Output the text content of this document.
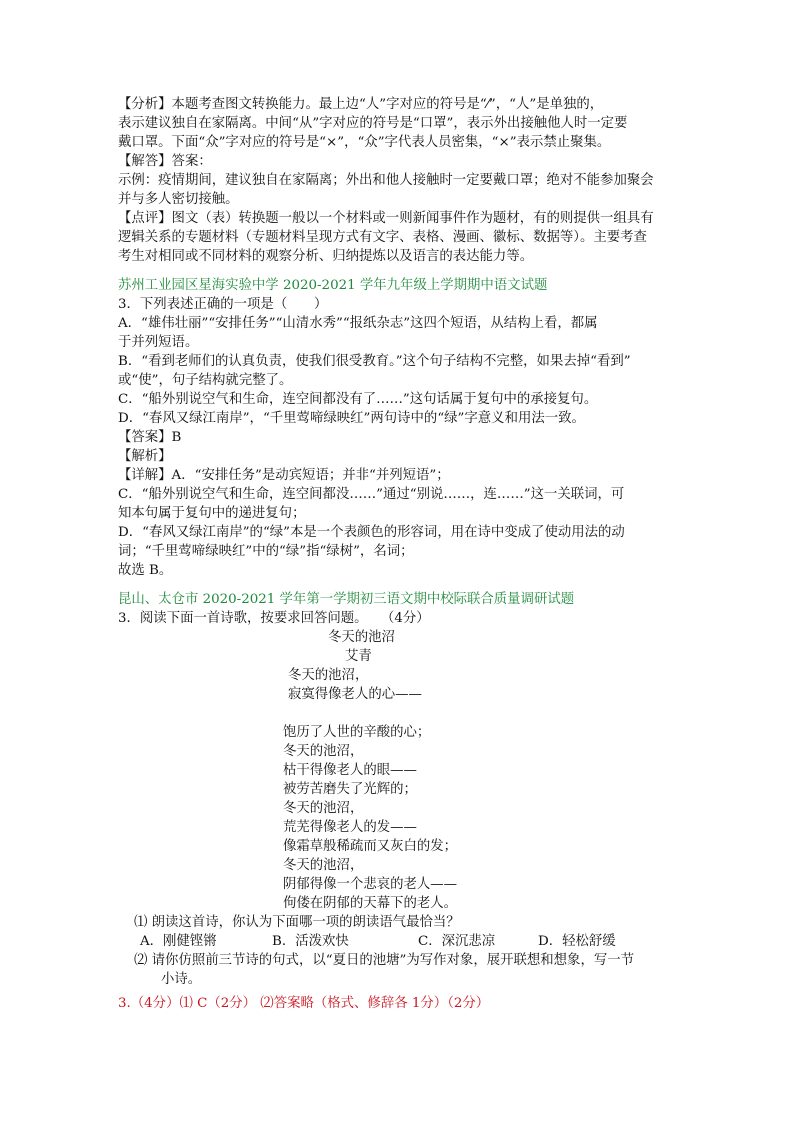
【分析】本题考查图文转换能力。最上边“人”字对应的符号是“⁄”，“人”是单独的，
表示建议独自在家隔离。中间“从”字对应的符号是“口罩”，表示外出接触他人时一定要
戴口罩。下面“众”字对应的符号是“×”，“众”字代表人员密集，“×”表示禁止聚集。
【解答】答案：
示例：疫情期间，建议独自在家隔离；外出和他人接触时一定要戴口罩；绝对不能参加聚会
并与多人密切接触。
【点评】图文（表）转换题一般以一个材料或一则新闻事件作为题材，有的则提供一组具有
逻辑关系的专题材料（专题材料呈现方式有文字、表格、漫画、徽标、数据等）。主要考查
考生对相同或不同材料的观察分析、归纳提炼以及语言的表达能力等。
苏州工业园区星海实验中学 2020-2021 学年九年级上学期期中语文试题
3．下列表述正确的一项是（　　）
A．“雄伟壮丽”“安排任务”“山清水秀”“报纸杂志”这四个短语，从结构上看，都属
于并列短语。
B．“看到老师们的认真负责，使我们很受教育。”这个句子结构不完整，如果去掉“看到”
或“使”，句子结构就完整了。
C．“船外别说空气和生命，连空间都没有了……”这句话属于复句中的承接复句。
D．“春风又绿江南岸”，“千里莺啼绿映红”两句诗中的“绿”字意义和用法一致。
【答案】B
【解析】
【详解】A．“安排任务”是动宾短语；并非“并列短语”；
C．“船外别说空气和生命，连空间都没……”通过“别说……，连……”这一关联词，可
知本句属于复句中的递进复句；
D．“春风又绿江南岸”的“绿”本是一个表颜色的形容词，用在诗中变成了使动用法的动
词；“千里莺啼绿映红”中的“绿”指“绿树”，名词；
故选 B。
昆山、太仓市 2020-2021 学年第一学期初三语文期中校际联合质量调研试题
3．阅读下面一首诗歌，按要求回答问题。　　（4分）
冬天的池沼
艾青
冬天的池沼，
寂寞得像老人的心——
饱历了人世的辛酸的心；
冬天的池沼，
枯干得像老人的眼——
被劳苦磨失了光辉的；
冬天的池沼，
荒芜得像老人的发——
像霜草般稀疏而又灰白的发；
冬天的池沼，
阴郁得像一个悲哀的老人——
佝偻在阴郁的天幕下的老人。
⑴ 朗读这首诗，你认为下面哪一项的朗读语气最恰当？
A．刚健铿锵	B．活泼欢快	C．深沉悲凉	D．轻松舒缓
⑵ 请你仿照前三节诗的句式，以“夏日的池塘”为写作对象，展开联想和想象，写一节
小诗。
3.（4分）⑴ C（2分） ⑵答案略（格式、修辞各 1分）（2分）
